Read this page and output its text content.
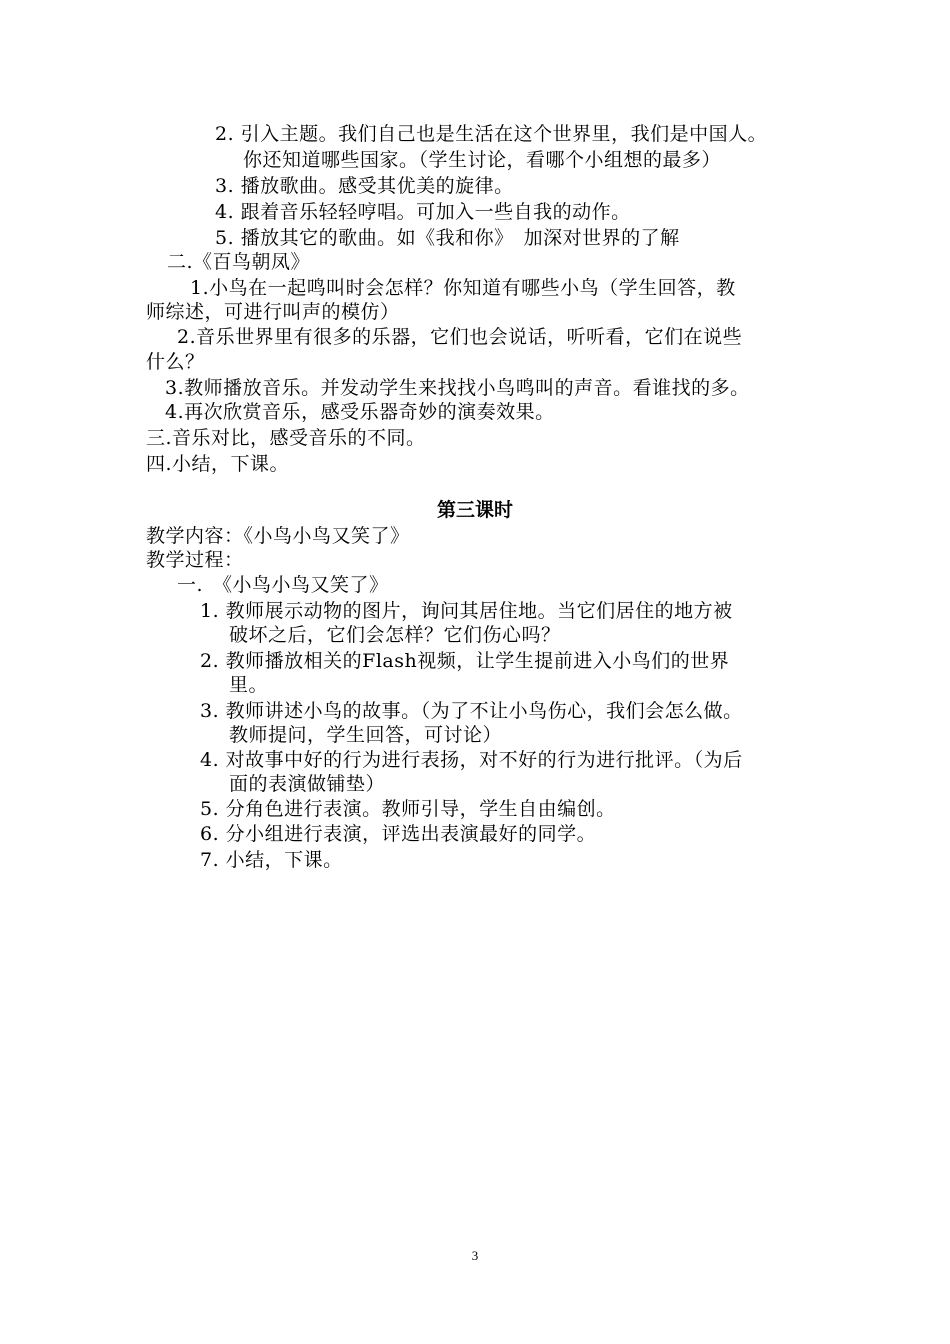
2. 引入主题。我们自己也是生活在这个世界里，我们是中国人。
你还知道哪些国家。（学生讨论，看哪个小组想的最多）
3. 播放歌曲。感受其优美的旋律。
4. 跟着音乐轻轻哼唱。可加入一些自我的动作。
5. 播放其它的歌曲。如《我和你》　加深对世界的了解
二.《百鸟朝凤》
1.小鸟在一起鸣叫时会怎样？你知道有哪些小鸟（学生回答，教
师综述，可进行叫声的模仿）
2.音乐世界里有很多的乐器，它们也会说话，听听看，它们在说些
什么？
3.教师播放音乐。并发动学生来找找小鸟鸣叫的声音。看谁找的多。
4.再次欣赏音乐，感受乐器奇妙的演奏效果。
三.音乐对比，感受音乐的不同。
四.小结，下课。
第三课时
教学内容：《小鸟小鸟又笑了》
教学过程：
一.　《小鸟小鸟又笑了》
1. 教师展示动物的图片，询问其居住地。当它们居住的地方被
破坏之后，它们会怎样？它们伤心吗？
2. 教师播放相关的Flash视频，让学生提前进入小鸟们的世界
里。
3. 教师讲述小鸟的故事。（为了不让小鸟伤心，我们会怎么做。
教师提问，学生回答，可讨论）
4. 对故事中好的行为进行表扬，对不好的行为进行批评。（为后
面的表演做铺垫）
5. 分角色进行表演。教师引导，学生自由编创。
6. 分小组进行表演，评选出表演最好的同学。
7. 小结，下课。
3
